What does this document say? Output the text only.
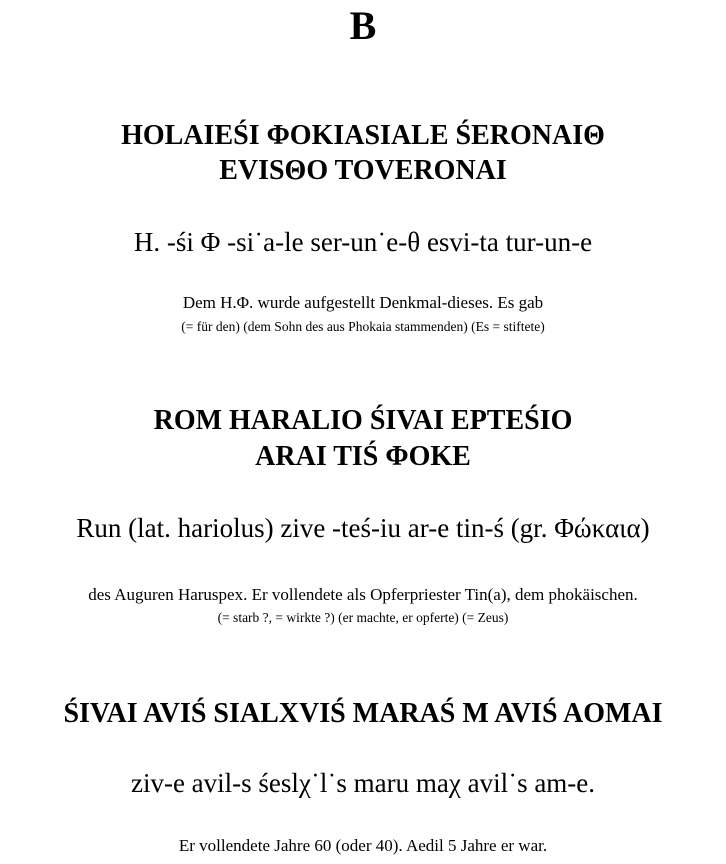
B
HOLAIEŚI ΦOKIASIALE ŚERONAIΘ
EVISΘO TOVERONAI
H. -śi Φ -si˙a-le ser-un˙e-θ esvi-ta tur-un-e
Dem H.Φ. wurde aufgestellt Denkmal-dieses. Es gab
(= für den) (dem Sohn des aus Phokaia stammenden) (Es = stiftete)
ROM HARALIO ŚIVAI EPTEŚIO
ARAI TIŚ ΦOKE
Run (lat. hariolus) zive -teś-iu ar-e tin-ś (gr. Φώκαια)
des Auguren Haruspex. Er vollendete als Opferpriester Tin(a), dem phokäischen.
(= starb ?, = wirkte ?) (er machte, er opferte) (= Zeus)
ŚIVAI AVIŚ SIALXVIŚ MARAŚ M AVIŚ AOMAI
ziv-e avil-s śeslχ˙l˙s maru maχ avil˙s am-e.
Er vollendete Jahre 60 (oder 40). Aedil 5 Jahre er war.
